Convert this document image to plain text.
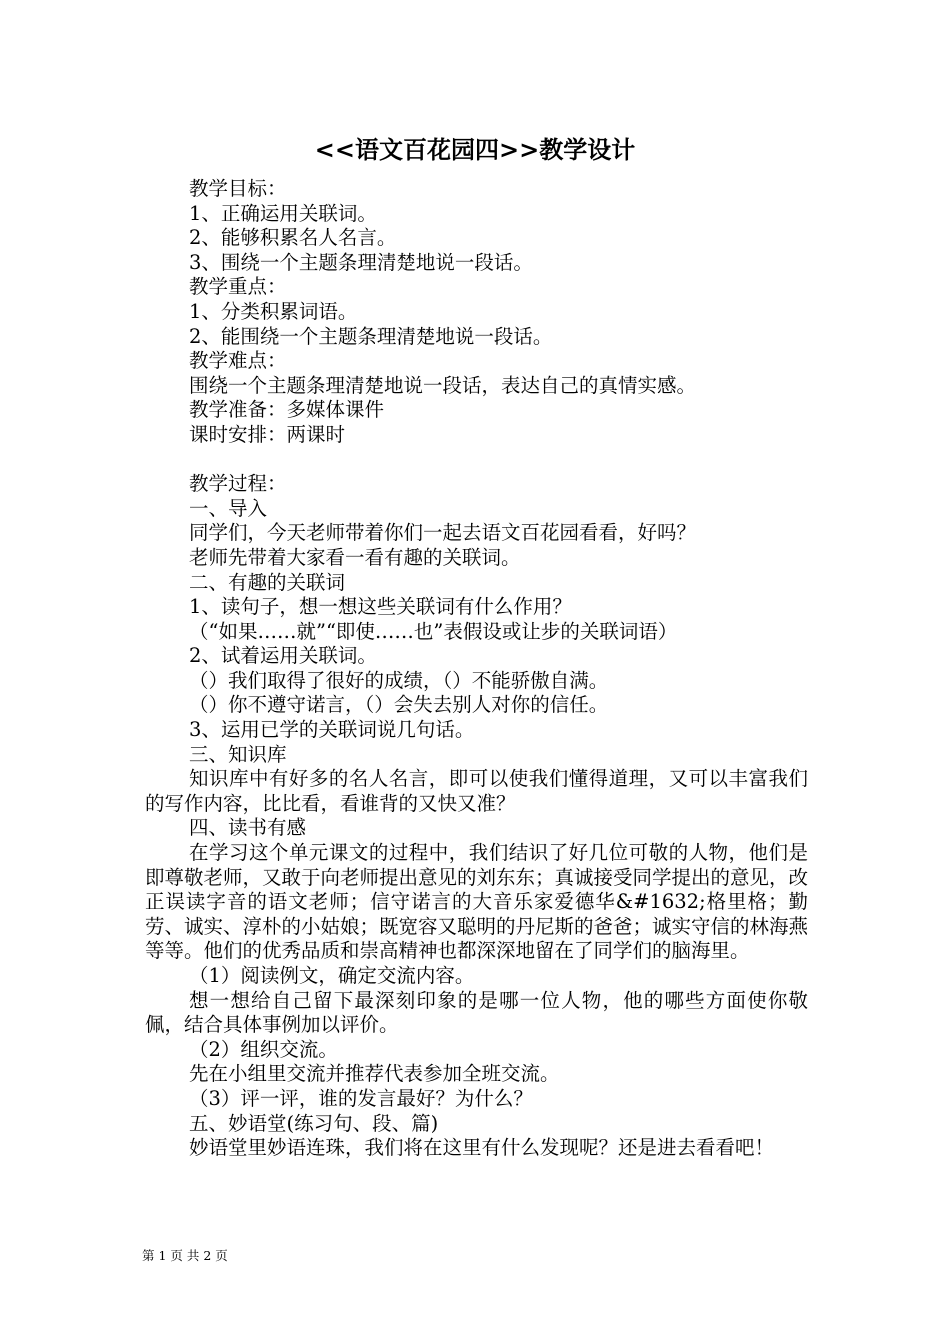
<<语文百花园四>>教学设计
教学目标：
1、正确运用关联词。
2、能够积累名人名言。
3、围绕一个主题条理清楚地说一段话。
教学重点：
1、分类积累词语。
2、能围绕一个主题条理清楚地说一段话。
教学难点：
围绕一个主题条理清楚地说一段话，表达自己的真情实感。
教学准备：多媒体课件
课时安排：两课时
教学过程：
一、导入
同学们，今天老师带着你们一起去语文百花园看看，好吗？
老师先带着大家看一看有趣的关联词。
二、有趣的关联词
1、读句子，想一想这些关联词有什么作用？
（“如果……就”“即使……也”表假设或让步的关联词语）
2、试着运用关联词。
（）我们取得了很好的成绩，（）不能骄傲自满。
（）你不遵守诺言，（）会失去别人对你的信任。
3、运用已学的关联词说几句话。
三、知识库
知识库中有好多的名人名言，即可以使我们懂得道理，又可以丰富我们的写作内容，比比看，看谁背的又快又准？
四、读书有感
在学习这个单元课文的过程中，我们结识了好几位可敬的人物，他们是即尊敬老师，又敢于向老师提出意见的刘东东；真诚接受同学提出的意见，改正误读字音的语文老师；信守诺言的大音乐家爱德华&#1632;格里格；勤劳、诚实、淳朴的小姑娘；既宽容又聪明的丹尼斯的爸爸；诚实守信的林海燕等等。他们的优秀品质和崇高精神也都深深地留在了同学们的脑海里。
（1）阅读例文，确定交流内容。
想一想给自己留下最深刻印象的是哪一位人物，他的哪些方面使你敬佩，结合具体事例加以评价。
（2）组织交流。
先在小组里交流并推荐代表参加全班交流。
（3）评一评，谁的发言最好？为什么？
五、妙语堂(练习句、段、篇)
妙语堂里妙语连珠，我们将在这里有什么发现呢？还是进去看看吧！
第 1 页 共 2 页
